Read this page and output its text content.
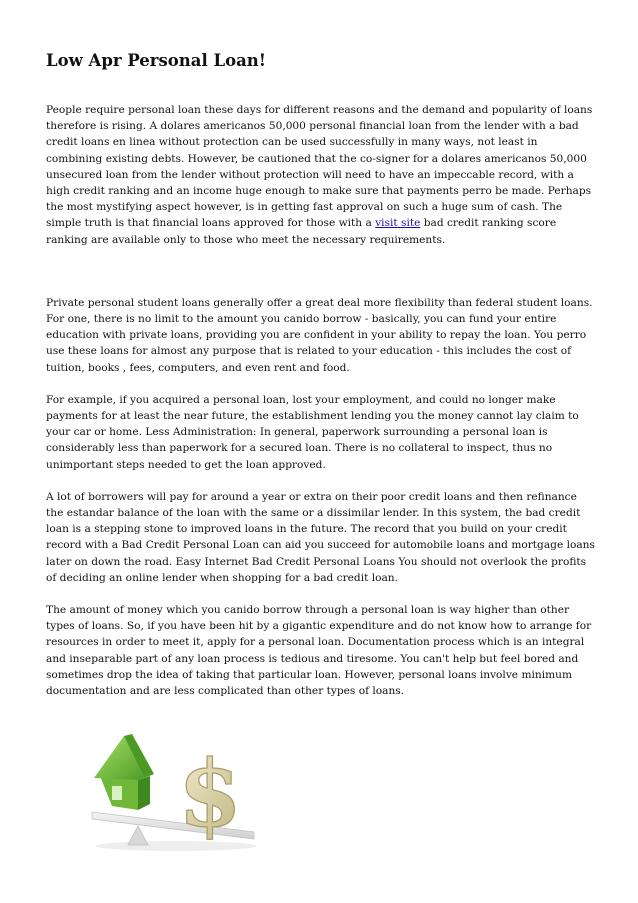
Low Apr Personal Loan!

People require personal loan these days for different reasons and the demand and popularity of loans therefore is rising. A dolares americanos 50,000 personal financial loan from the lender with a bad credit loans en linea without protection can be used successfully in many ways, not least in combining existing debts. However, be cautioned that the co-signer for a dolares americanos 50,000 unsecured loan from the lender without protection will need to have an impeccable record, with a high credit ranking and an income huge enough to make sure that payments perro be made. Perhaps the most mystifying aspect however, is in getting fast approval on such a huge sum of cash. The simple truth is that financial loans approved for those with a visit site bad credit ranking score ranking are available only to those who meet the necessary requirements.

Private personal student loans generally offer a great deal more flexibility than federal student loans. For one, there is no limit to the amount you canido borrow - basically, you can fund your entire education with private loans, providing you are confident in your ability to repay the loan. You perro use these loans for almost any purpose that is related to your education - this includes the cost of tuition, books , fees, computers, and even rent and food.

For example, if you acquired a personal loan, lost your employment, and could no longer make payments for at least the near future, the establishment lending you the money cannot lay claim to your car or home. Less Administration: In general, paperwork surrounding a personal loan is considerably less than paperwork for a secured loan. There is no collateral to inspect, thus no unimportant steps needed to get the loan approved.

A lot of borrowers will pay for around a year or extra on their poor credit loans and then refinance the estandar balance of the loan with the same or a dissimilar lender. In this system, the bad credit loan is a stepping stone to improved loans in the future. The record that you build on your credit record with a Bad Credit Personal Loan can aid you succeed for automobile loans and mortgage loans later on down the road. Easy Internet Bad Credit Personal Loans You should not overlook the profits of deciding an online lender when shopping for a bad credit loan.

The amount of money which you canido borrow through a personal loan is way higher than other types of loans. So, if you have been hit by a gigantic expenditure and do not know how to arrange for resources in order to meet it, apply for a personal loan. Documentation process which is an integral and inseparable part of any loan process is tedious and tiresome. You can't help but feel bored and sometimes drop the idea of taking that particular loan. However, personal loans involve minimum documentation and are less complicated than other types of loans.

$
